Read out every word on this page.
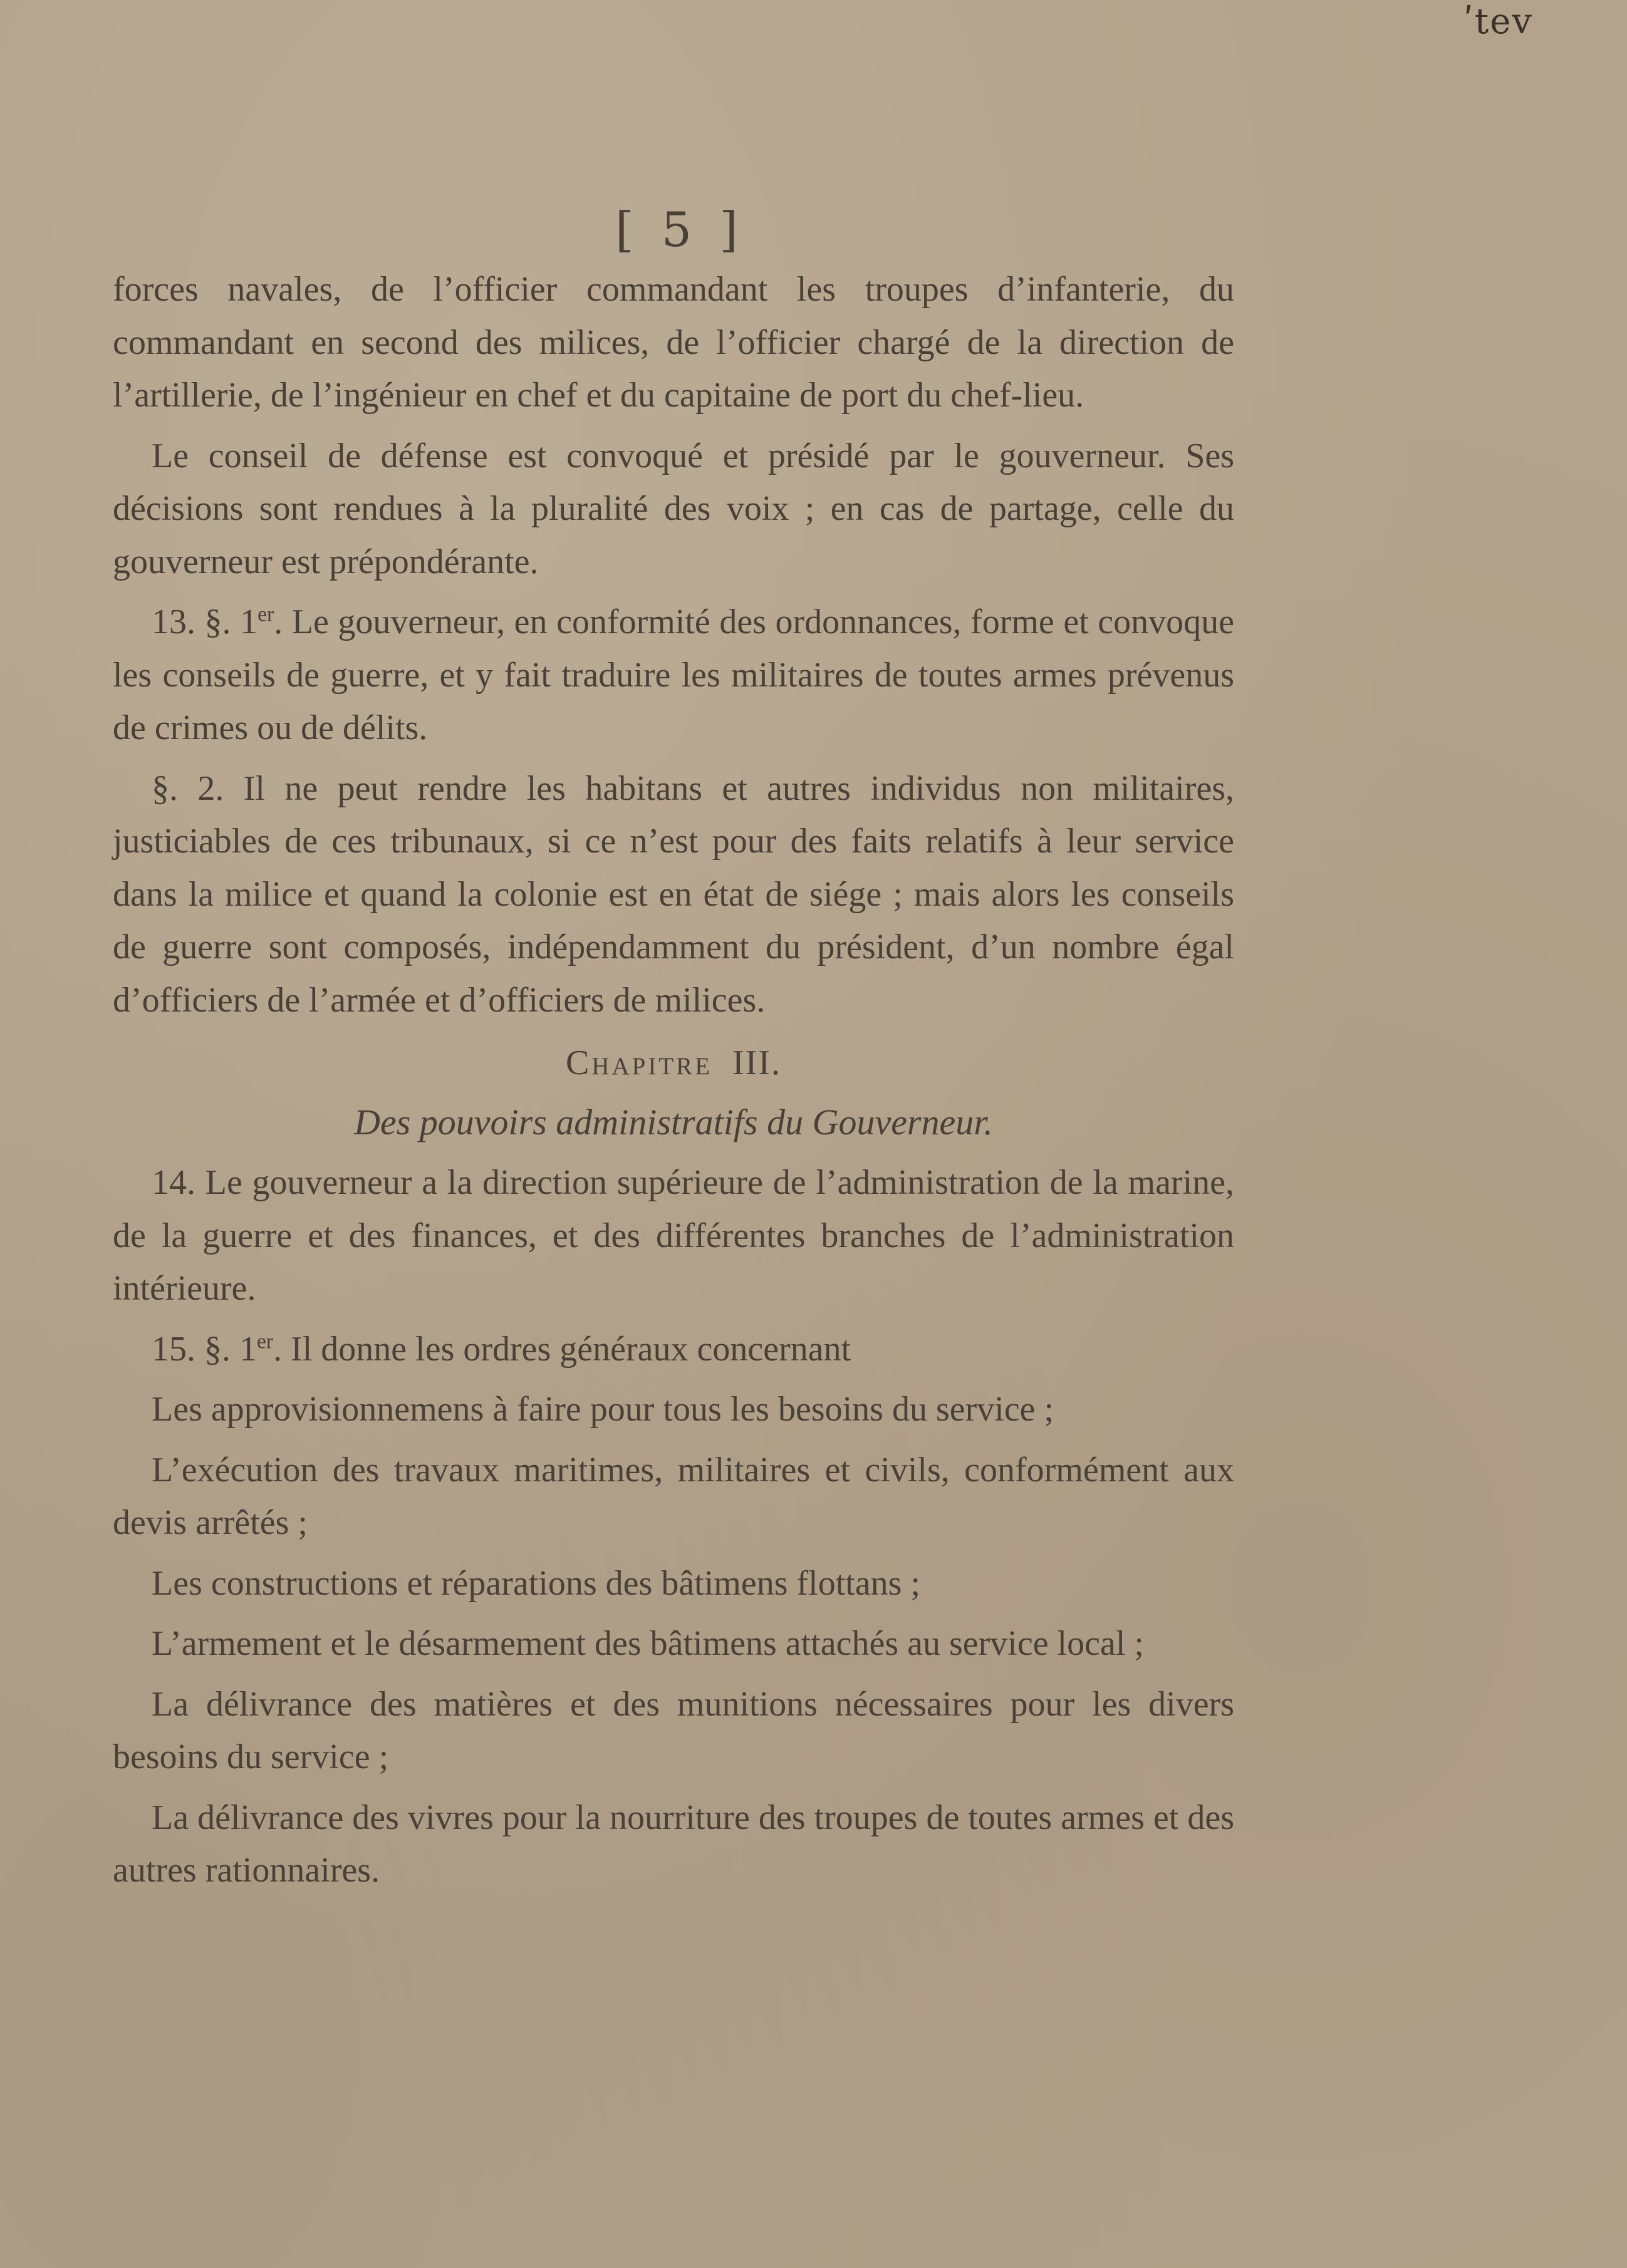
ʹtev
[ 5 ]

forces navales, de l’officier commandant les troupes d’infanterie, du commandant en second des milices, de l’officier chargé de la direction de l’artillerie, de l’ingénieur en chef et du capitaine de port du chef-lieu.

Le conseil de défense est convoqué et présidé par le gouverneur. Ses décisions sont rendues à la pluralité des voix ; en cas de partage, celle du gouverneur est prépondérante.

13. §. 1er. Le gouverneur, en conformité des ordonnances, forme et convoque les conseils de guerre, et y fait traduire les militaires de toutes armes prévenus de crimes ou de délits.

§. 2. Il ne peut rendre les habitans et autres individus non militaires, justiciables de ces tribunaux, si ce n’est pour des faits relatifs à leur service dans la milice et quand la colonie est en état de siége ; mais alors les conseils de guerre sont composés, indépendamment du président, d’un nombre égal d’officiers de l’armée et d’officiers de milices.

Chapitre III.

Des pouvoirs administratifs du Gouverneur.

14. Le gouverneur a la direction supérieure de l’administration de la marine, de la guerre et des finances, et des différentes branches de l’administration intérieure.

15. §. 1er. Il donne les ordres généraux concernant

Les approvisionnemens à faire pour tous les besoins du service ;

L’exécution des travaux maritimes, militaires et civils, conformément aux devis arrêtés ;

Les constructions et réparations des bâtimens flottans ;

L’armement et le désarmement des bâtimens attachés au service local ;

La délivrance des matières et des munitions nécessaires pour les divers besoins du service ;

La délivrance des vivres pour la nourriture des troupes de toutes armes et des autres rationnaires.
